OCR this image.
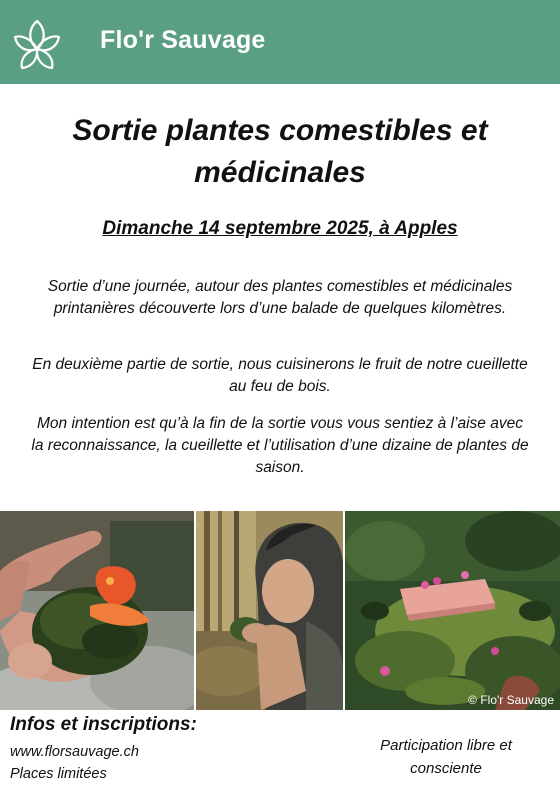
Flo'r Sauvage
Sortie plantes comestibles et
médicinales
Dimanche 14 septembre 2025, à Apples
Sortie d’une journée, autour des plantes comestibles et médicinales printanières découverte lors d’une balade de quelques kilomètres.
En deuxième partie de sortie, nous cuisinerons le fruit de notre cueillette au feu de bois.
Mon intention est qu’à la fin de la sortie vous vous sentiez à l’aise avec la reconnaissance, la cueillette et l’utilisation d’une dizaine de plantes de saison.
© Flo'r Sauvage
Infos et inscriptions:
www.florsauvage.ch
Places limitées
Participation libre et consciente
